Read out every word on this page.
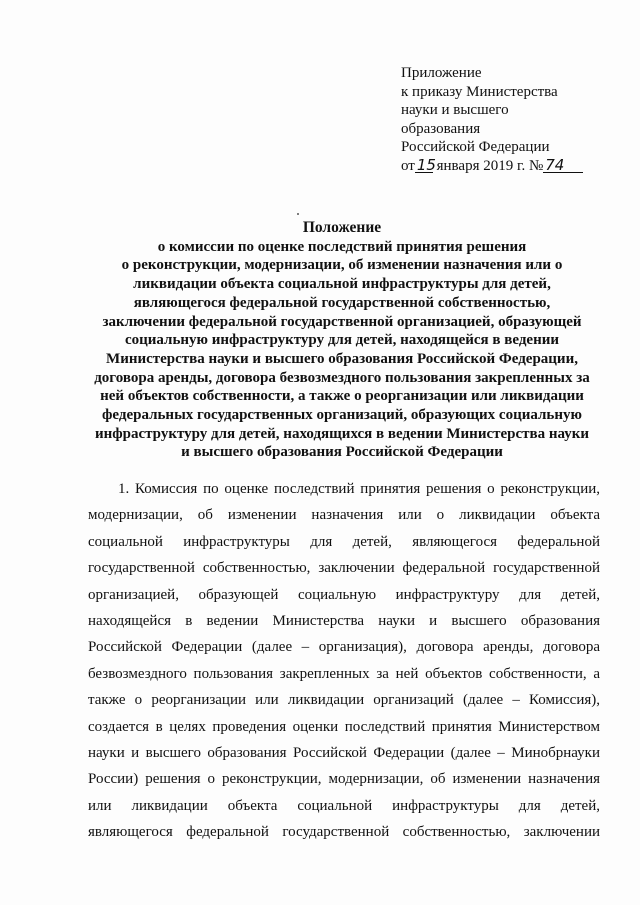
Приложение
к приказу Министерства
науки и высшего
образования
Российской Федерации
от 15 января 2019 г. № 74
Положение
о комиссии по оценке последствий принятия решения
о реконструкции, модернизации, об изменении назначения или о
ликвидации объекта социальной инфраструктуры для детей,
являющегося федеральной государственной собственностью,
заключении федеральной государственной организацией, образующей
социальную инфраструктуру для детей, находящейся в ведении
Министерства науки и высшего образования Российской Федерации,
договора аренды, договора безвозмездного пользования закрепленных за
ней объектов собственности, а также о реорганизации или ликвидации
федеральных государственных организаций, образующих социальную
инфраструктуру для детей, находящихся в ведении Министерства науки
и высшего образования Российской Федерации
1. Комиссия по оценке последствий принятия решения о реконструкции,
модернизации, об изменении назначения или о ликвидации объекта
социальной инфраструктуры для детей, являющегося федеральной
государственной собственностью, заключении федеральной государственной
организацией, образующей социальную инфраструктуру для детей,
находящейся в ведении Министерства науки и высшего образования
Российской Федерации (далее – организация), договора аренды, договора
безвозмездного пользования закрепленных за ней объектов собственности, а
также о реорганизации или ликвидации организаций (далее – Комиссия),
создается в целях проведения оценки последствий принятия Министерством
науки и высшего образования Российской Федерации (далее – Минобрнауки
России) решения о реконструкции, модернизации, об изменении назначения
или ликвидации объекта социальной инфраструктуры для детей,
являющегося федеральной государственной собственностью, заключении
